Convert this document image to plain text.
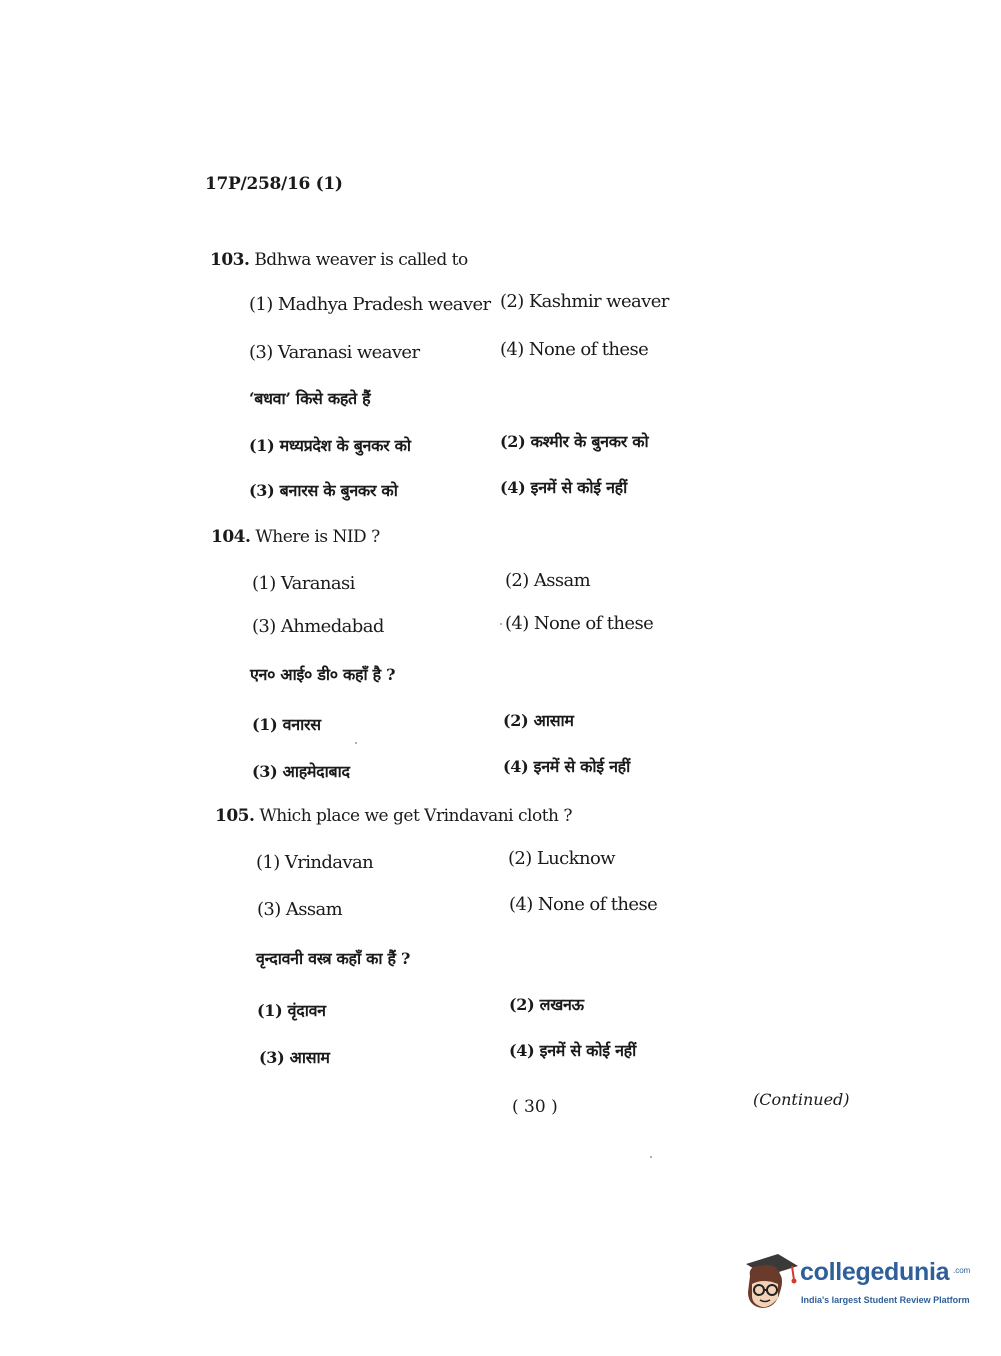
17P/258/16 (1)
103. Bdhwa weaver is called to
(1) Madhya Pradesh weaver (2) Kashmir weaver
(3) Varanasi weaver	(4) None of these
‘बधवा’ किसे कहते हैं
(1) मध्यप्रदेश के बुनकर को	(2) कश्मीर के बुनकर को
(3) बनारस के बुनकर को	(4) इनमें से कोई नहीं
104. Where is NID ?
(1) Varanasi	(2) Assam
(3) Ahmedabad	(4) None of these
एन० आई० डी० कहाँ है ?
(1) वनारस	(2) आसाम
(3) आहमेदाबाद	(4) इनमें से कोई नहीं
105. Which place we get Vrindavani cloth ?
(1) Vrindavan	(2) Lucknow
(3) Assam	(4) None of these
वृन्दावनी वस्त्र कहाँ का हैं ?
(1) वृंदावन	(2) लखनऊ
(3) आसाम	(4) इनमें से कोई नहीं
( 30 )	(Continued)
collegedunia .com
India's largest Student Review Platform
